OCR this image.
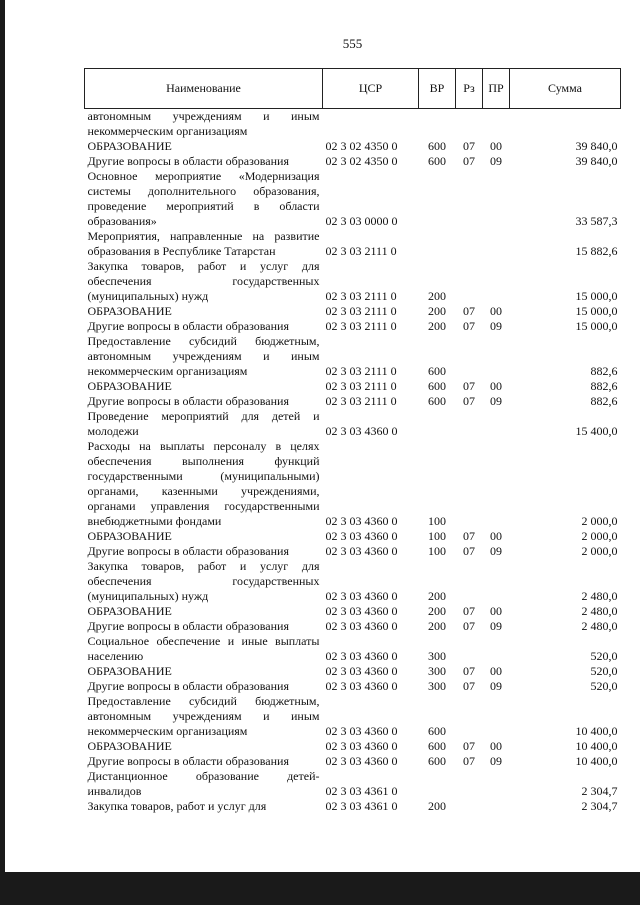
555
Наименование	ЦСР	ВР	Рз	ПР	Сумма
автономным учреждениям и иным некоммерческим организациям					
ОБРАЗОВАНИЕ	02 3 02 4350 0	600	07	00	39 840,0
Другие вопросы в области образования	02 3 02 4350 0	600	07	09	39 840,0
Основное мероприятие «Модернизация системы дополнительного образования, проведение мероприятий в области образования»	02 3 03 0000 0				33 587,3
Мероприятия, направленные на развитие образования в Республике Татарстан	02 3 03 2111 0				15 882,6
Закупка товаров, работ и услуг для обеспечения государственных (муниципальных) нужд	02 3 03 2111 0	200			15 000,0
ОБРАЗОВАНИЕ	02 3 03 2111 0	200	07	00	15 000,0
Другие вопросы в области образования	02 3 03 2111 0	200	07	09	15 000,0
Предоставление субсидий бюджетным, автономным учреждениям и иным некоммерческим организациям	02 3 03 2111 0	600			882,6
ОБРАЗОВАНИЕ	02 3 03 2111 0	600	07	00	882,6
Другие вопросы в области образования	02 3 03 2111 0	600	07	09	882,6
Проведение мероприятий для детей и молодежи	02 3 03 4360 0				15 400,0
Расходы на выплаты персоналу в целях обеспечения выполнения функций государственными (муниципальными) органами, казенными учреждениями, органами управления государственными внебюджетными фондами	02 3 03 4360 0	100			2 000,0
ОБРАЗОВАНИЕ	02 3 03 4360 0	100	07	00	2 000,0
Другие вопросы в области образования	02 3 03 4360 0	100	07	09	2 000,0
Закупка товаров, работ и услуг для обеспечения государственных (муниципальных) нужд	02 3 03 4360 0	200			2 480,0
ОБРАЗОВАНИЕ	02 3 03 4360 0	200	07	00	2 480,0
Другие вопросы в области образования	02 3 03 4360 0	200	07	09	2 480,0
Социальное обеспечение и иные выплаты населению	02 3 03 4360 0	300			520,0
ОБРАЗОВАНИЕ	02 3 03 4360 0	300	07	00	520,0
Другие вопросы в области образования	02 3 03 4360 0	300	07	09	520,0
Предоставление субсидий бюджетным, автономным учреждениям и иным некоммерческим организациям	02 3 03 4360 0	600			10 400,0
ОБРАЗОВАНИЕ	02 3 03 4360 0	600	07	00	10 400,0
Другие вопросы в области образования	02 3 03 4360 0	600	07	09	10 400,0
Дистанционное образование детей-инвалидов	02 3 03 4361 0				2 304,7
Закупка товаров, работ и услуг для	02 3 03 4361 0	200			2 304,7
